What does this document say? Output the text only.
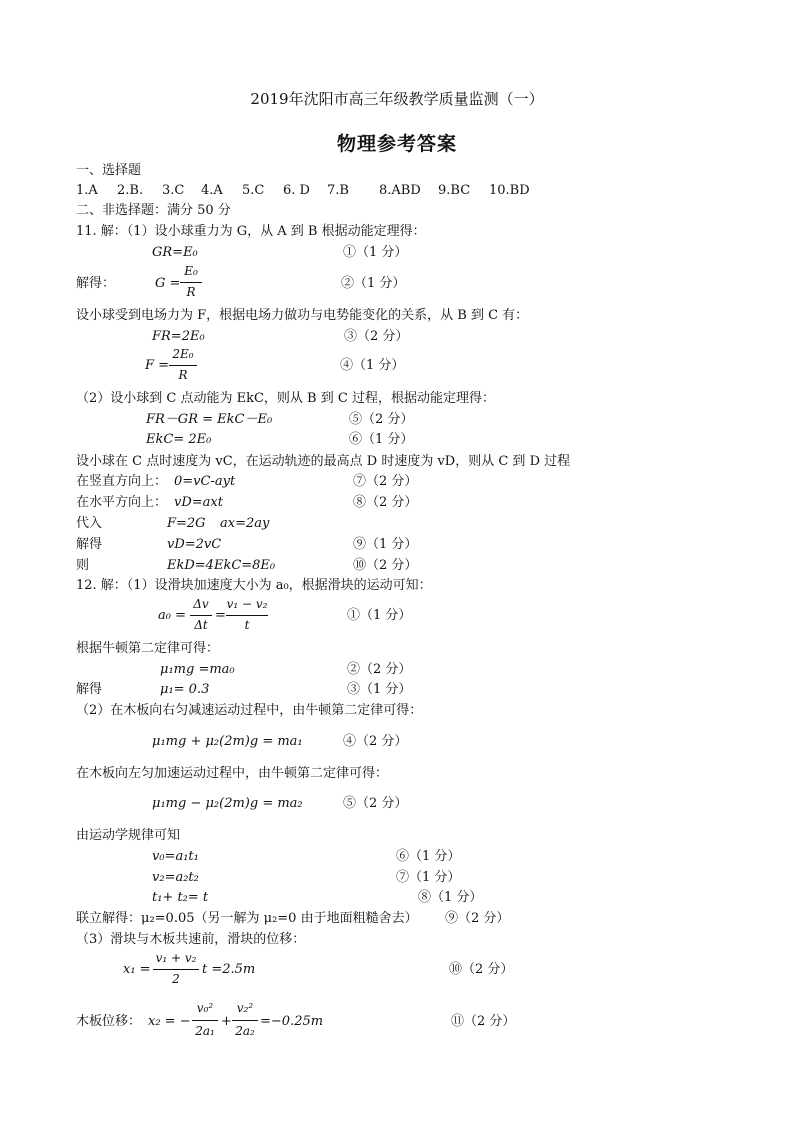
2019年沈阳市高三年级教学质量监测（一）
物理参考答案
一、选择题
1.A 2.B. 3.C 4.A 5.C 6. D 7.B 8.ABD 9.BC 10.BD
二、非选择题：满分 50 分
11. 解：（1）设小球重力为 G，从 A 到 B 根据动能定理得：
GR=E₀	①（1 分）
解得：	G =
E₀
R
②（1 分）
设小球受到电场力为 F，根据电场力做功与电势能变化的关系，从 B 到 C 有：
FR=2E₀	③（2 分）
F =
2E₀
R
④（1 分）
（2）设小球到 C 点动能为 EkC，则从 B 到 C 过程，根据动能定理得：
FR－GR = EkC－E₀	⑤（2 分）
EkC= 2E₀	⑥（1 分）
设小球在 C 点时速度为 vC，在运动轨迹的最高点 D 时速度为 vD，则从 C 到 D 过程
在竖直方向上： 0=vC-ayt	⑦（2 分）
在水平方向上： vD=axt	⑧（2 分）
代入	F=2G ax=2ay
解得	vD=2vC	⑨（1 分）
则	EkD=4EkC=8E₀	⑩（2 分）
12. 解：（1）设滑块加速度大小为 a₀，根据滑块的运动可知：
a₀ =
Δv
Δt
=
v₁ − v₂
t
①（1 分）
根据牛顿第二定律可得：
μ₁mg =ma₀	②（2 分）
解得	μ₁= 0.3	③（1 分）
（2）在木板向右匀减速运动过程中，由牛顿第二定律可得：
μ₁mg + μ₂(2m)g = ma₁	④（2 分）
在木板向左匀加速运动过程中，由牛顿第二定律可得：
μ₁mg − μ₂(2m)g = ma₂	⑤（2 分）
由运动学规律可知
v₀=a₁t₁	⑥（1 分）
v₂=a₂t₂	⑦（1 分）
t₁+ t₂= t	⑧（1 分）
联立解得：μ₂=0.05（另一解为 μ₂=0 由于地面粗糙舍去） ⑨（2 分）
（3）滑块与木板共速前，滑块的位移：
x₁ =
v₁ + v₂
2
t =2.5m	⑩（2 分）
木板位移： x₂ = −
v₀²
2a₁
+
v₂²
2a₂
=−0.25m	⑪（2 分）
